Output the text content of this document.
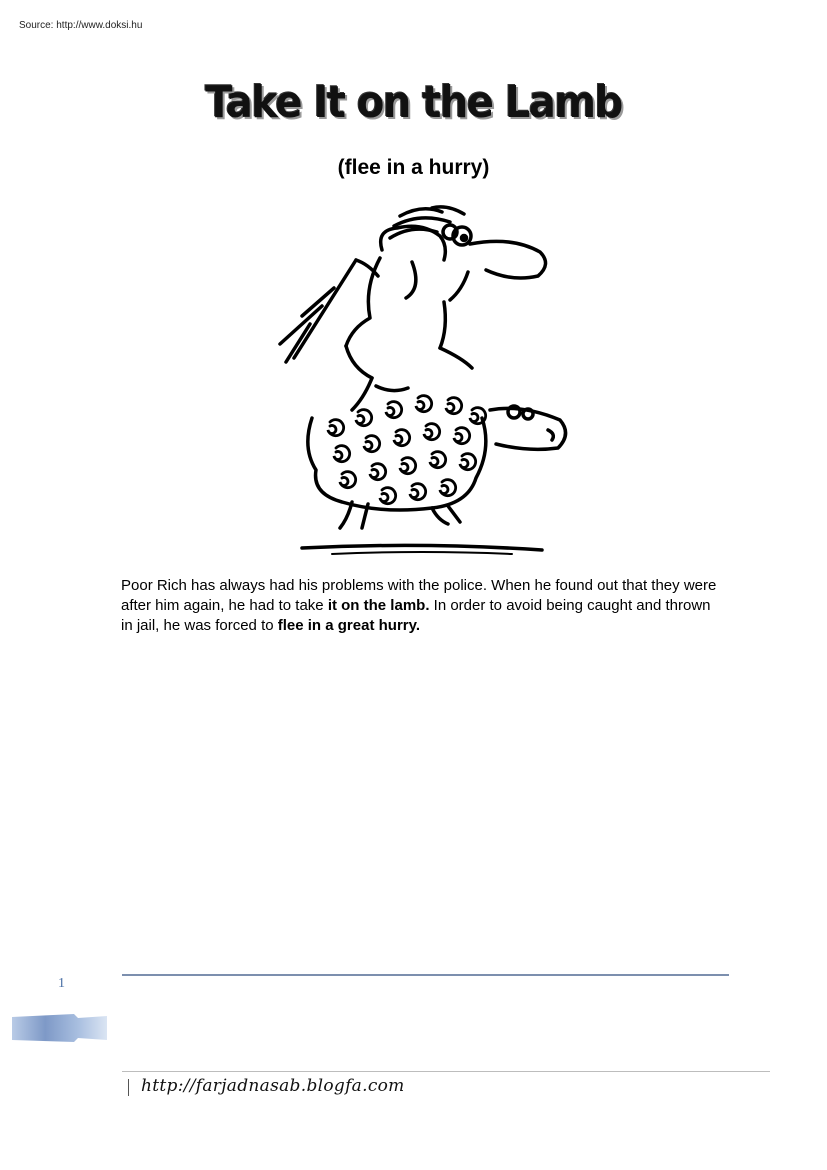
Source: http://www.doksi.hu
Take It on the Lamb
(flee in a hurry)

Poor Rich has always had his problems with the police. When he found out that they were after him again, he had to take it on the lamb. In order to avoid being caught and thrown in jail, he was forced to flee in a great hurry.

1
http://farjadnasab.blogfa.com
